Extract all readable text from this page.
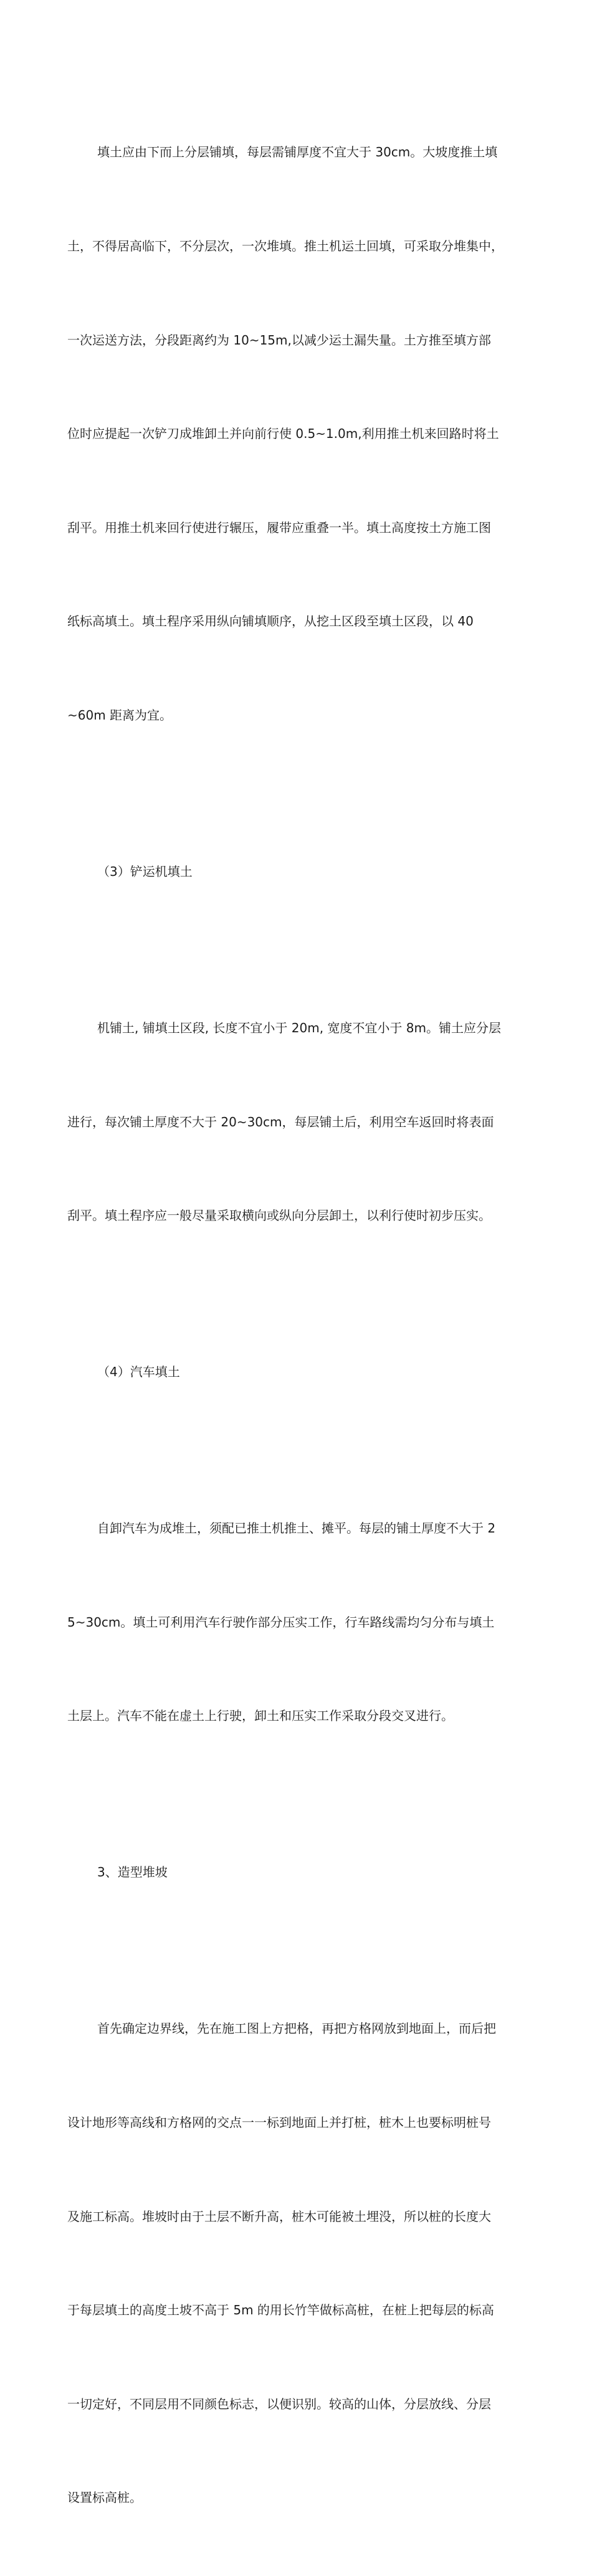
填土应由下而上分层铺填，每层需铺厚度不宜大于 30cm。大坡度推土填

土，不得居高临下，不分层次，一次堆填。推土机运土回填，可采取分堆集中，

一次运送方法，分段距离约为 10~15m,以减少运土漏失量。土方推至填方部

位时应提起一次铲刀成堆卸土并向前行使 0.5~1.0m,利用推土机来回路时将土

刮平。用推土机来回行使进行辗压，履带应重叠一半。填土高度按土方施工图

纸标高填土。填土程序采用纵向铺填顺序，从挖土区段至填土区段，以 40

~60m 距离为宜。

（3）铲运机填土

机铺土, 铺填土区段, 长度不宜小于 20m, 宽度不宜小于 8m。铺土应分层

进行，每次铺土厚度不大于 20~30cm，每层铺土后，利用空车返回时将表面

刮平。填土程序应一般尽量采取横向或纵向分层卸土，以利行使时初步压实。

（4）汽车填土

自卸汽车为成堆土，须配已推土机推土、摊平。每层的铺土厚度不大于 2

5~30cm。填土可利用汽车行驶作部分压实工作，行车路线需均匀分布与填土

土层上。汽车不能在虚土上行驶，卸土和压实工作采取分段交叉进行。

3、造型堆坡

首先确定边界线，先在施工图上方把格，再把方格网放到地面上，而后把

设计地形等高线和方格网的交点一一标到地面上并打桩，桩木上也要标明桩号

及施工标高。堆坡时由于土层不断升高，桩木可能被土埋没，所以桩的长度大

于每层填土的高度土坡不高于 5m 的用长竹竿做标高桩，在桩上把每层的标高

一切定好，不同层用不同颜色标志，以便识别。较高的山体，分层放线、分层

设置标高桩。
